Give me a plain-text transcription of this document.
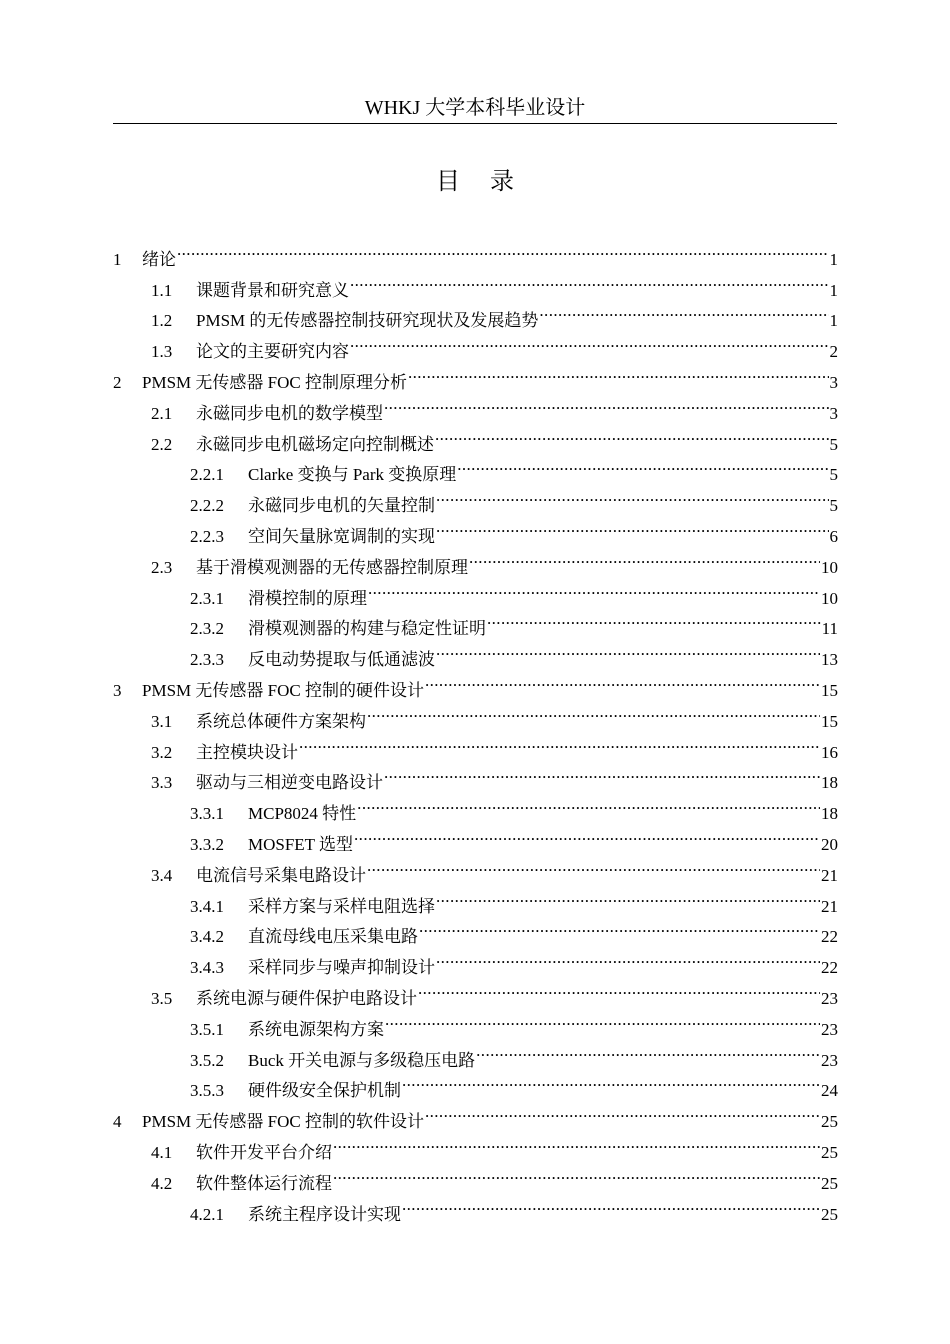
WHKJ 大学本科毕业设计
目 录
1	绪论 .....	1
1.1	课题背景和研究意义 .....	1
1.2	PMSM 的无传感器控制技研究现状及发展趋势 .....	1
1.3	论文的主要研究内容 .....	2
2	PMSM 无传感器 FOC 控制原理分析 .....	3
2.1	永磁同步电机的数学模型 .....	3
2.2	永磁同步电机磁场定向控制概述 .....	5
2.2.1	Clarke 变换与 Park 变换原理 .....	5
2.2.2	永磁同步电机的矢量控制 .....	5
2.2.3	空间矢量脉宽调制的实现 .....	6
2.3	基于滑模观测器的无传感器控制原理 .....	10
2.3.1	滑模控制的原理 .....	10
2.3.2	滑模观测器的构建与稳定性证明 .....	11
2.3.3	反电动势提取与低通滤波 .....	13
3	PMSM 无传感器 FOC 控制的硬件设计 .....	15
3.1	系统总体硬件方案架构 .....	15
3.2	主控模块设计 .....	16
3.3	驱动与三相逆变电路设计 .....	18
3.3.1	MCP8024 特性 .....	18
3.3.2	MOSFET 选型 .....	20
3.4	电流信号采集电路设计 .....	21
3.4.1	采样方案与采样电阻选择 .....	21
3.4.2	直流母线电压采集电路 .....	22
3.4.3	采样同步与噪声抑制设计 .....	22
3.5	系统电源与硬件保护电路设计 .....	23
3.5.1	系统电源架构方案 .....	23
3.5.2	Buck 开关电源与多级稳压电路 .....	23
3.5.3	硬件级安全保护机制 .....	24
4	PMSM 无传感器 FOC 控制的软件设计 .....	25
4.1	软件开发平台介绍 .....	25
4.2	软件整体运行流程 .....	25
4.2.1	系统主程序设计实现 .....	25
